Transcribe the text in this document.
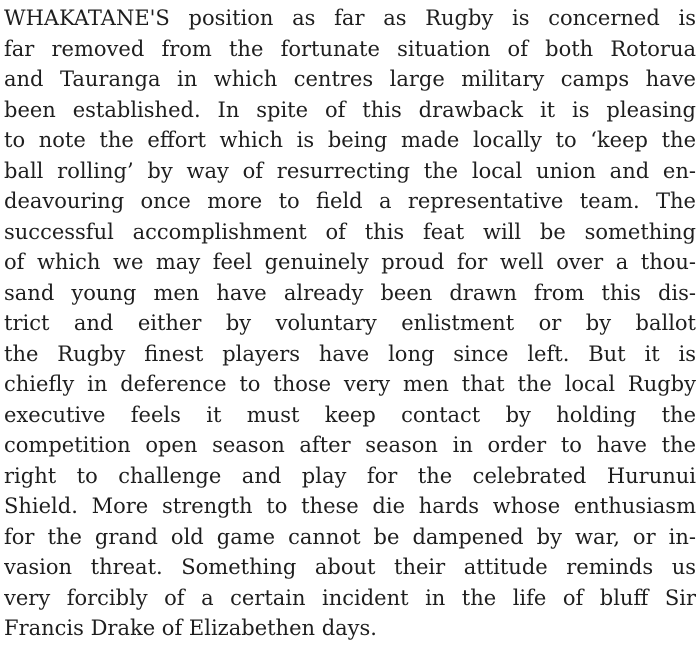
WHAKATANE'S position as far as Rugby is concerned is
far removed from the fortunate situation of both Rotorua
and Tauranga in which centres large military camps have
been established. In spite of this drawback it is pleasing
to note the effort which is being made locally to ‘keep the
ball rolling’ by way of resurrecting the local union and en-
deavouring once more to field a representative team. The
successful accomplishment of this feat will be something
of which we may feel genuinely proud for well over a thou-
sand young men have already been drawn from this dis-
trict and either by voluntary enlistment or by ballot
the Rugby finest players have long since left. But it is
chiefly in deference to those very men that the local Rugby
executive feels it must keep contact by holding the
competition open season after season in order to have the
right to challenge and play for the celebrated Hurunui
Shield. More strength to these die hards whose enthusiasm
for the grand old game cannot be dampened by war, or in-
vasion threat. Something about their attitude reminds us
very forcibly of a certain incident in the life of bluff Sir
Francis Drake of Elizabethen days.
